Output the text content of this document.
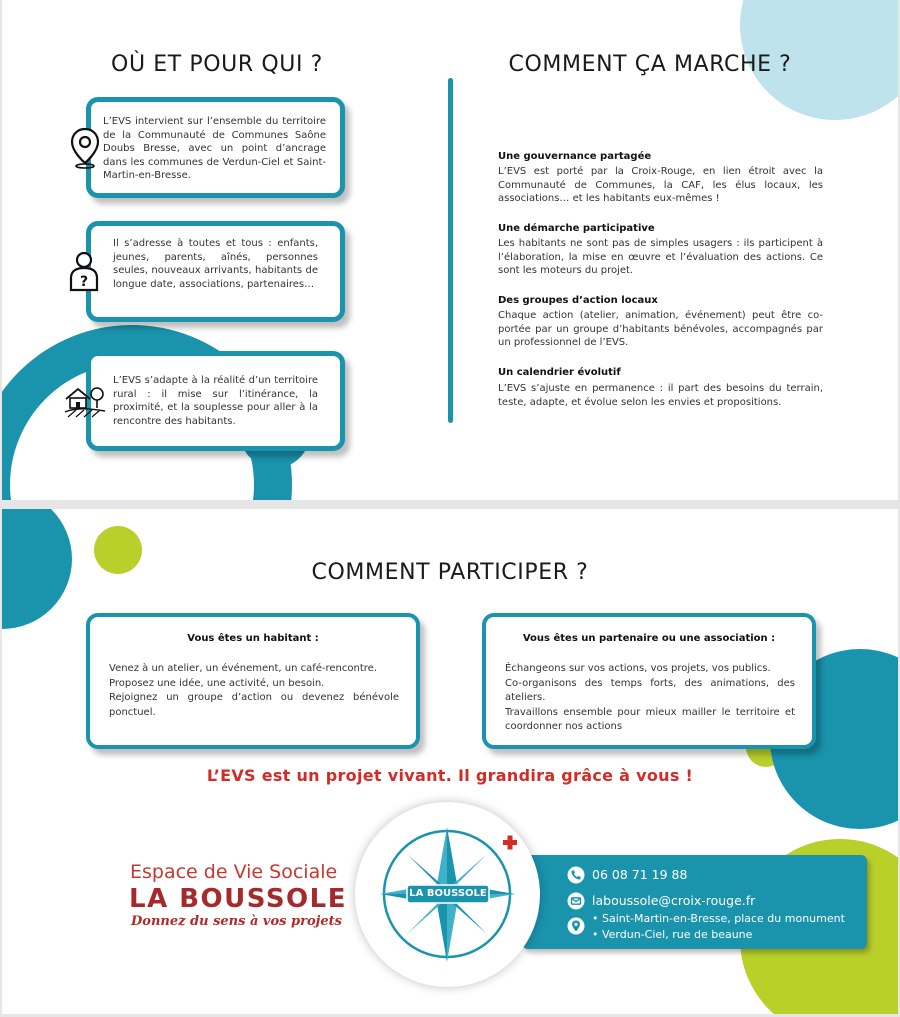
OÙ ET POUR QUI ?	COMMENT ÇA MARCHE ?
L’EVS intervient sur l’ensemble du territoire de la Communauté de Communes Saône Doubs Bresse, avec un point d’ancrage dans les communes de Verdun-Ciel et Saint-Martin-en-Bresse.
?
Il s’adresse à toutes et tous : enfants, jeunes, parents, aînés, personnes seules, nouveaux arrivants, habitants de longue date, associations, partenaires…
L’EVS s’adapte à la réalité d’un territoire rural : il mise sur l’itinérance, la proximité, et la souplesse pour aller à la rencontre des habitants.
Une gouvernance partagée
L’EVS est porté par la Croix-Rouge, en lien étroit avec la Communauté de Communes, la CAF, les élus locaux, les associations… et les habitants eux-mêmes !
Une démarche participative
Les habitants ne sont pas de simples usagers : ils participent à l’élaboration, la mise en œuvre et l’évaluation des actions. Ce sont les moteurs du projet.
Des groupes d’action locaux
Chaque action (atelier, animation, événement) peut être co-portée par un groupe d’habitants bénévoles, accompagnés par un professionnel de l’EVS.
Un calendrier évolutif
L’EVS s’ajuste en permanence : il part des besoins du terrain, teste, adapte, et évolue selon les envies et propositions.
COMMENT PARTICIPER ?
Vous êtes un habitant :

Venez à un atelier, un événement, un café-rencontre.

Proposez une idée, une activité, un besoin.

Rejoignez un groupe d’action ou devenez bénévole ponctuel.

Vous êtes un partenaire ou une association :

Échangeons sur vos actions, vos projets, vos publics.

Co-organisons des temps forts, des animations, des ateliers.

Travaillons ensemble pour mieux mailler le territoire et coordonner nos actions

L’EVS est un projet vivant. Il grandira grâce à vous !
Espace de Vie Sociale
LA BOUSSOLE
Donnez du sens à vos projets
06 08 71 19 88
laboussole@croix-rouge.fr
• Saint-Martin-en-Bresse, place du monument
• Verdun-Ciel, rue de beaune
LA BOUSSOLE
